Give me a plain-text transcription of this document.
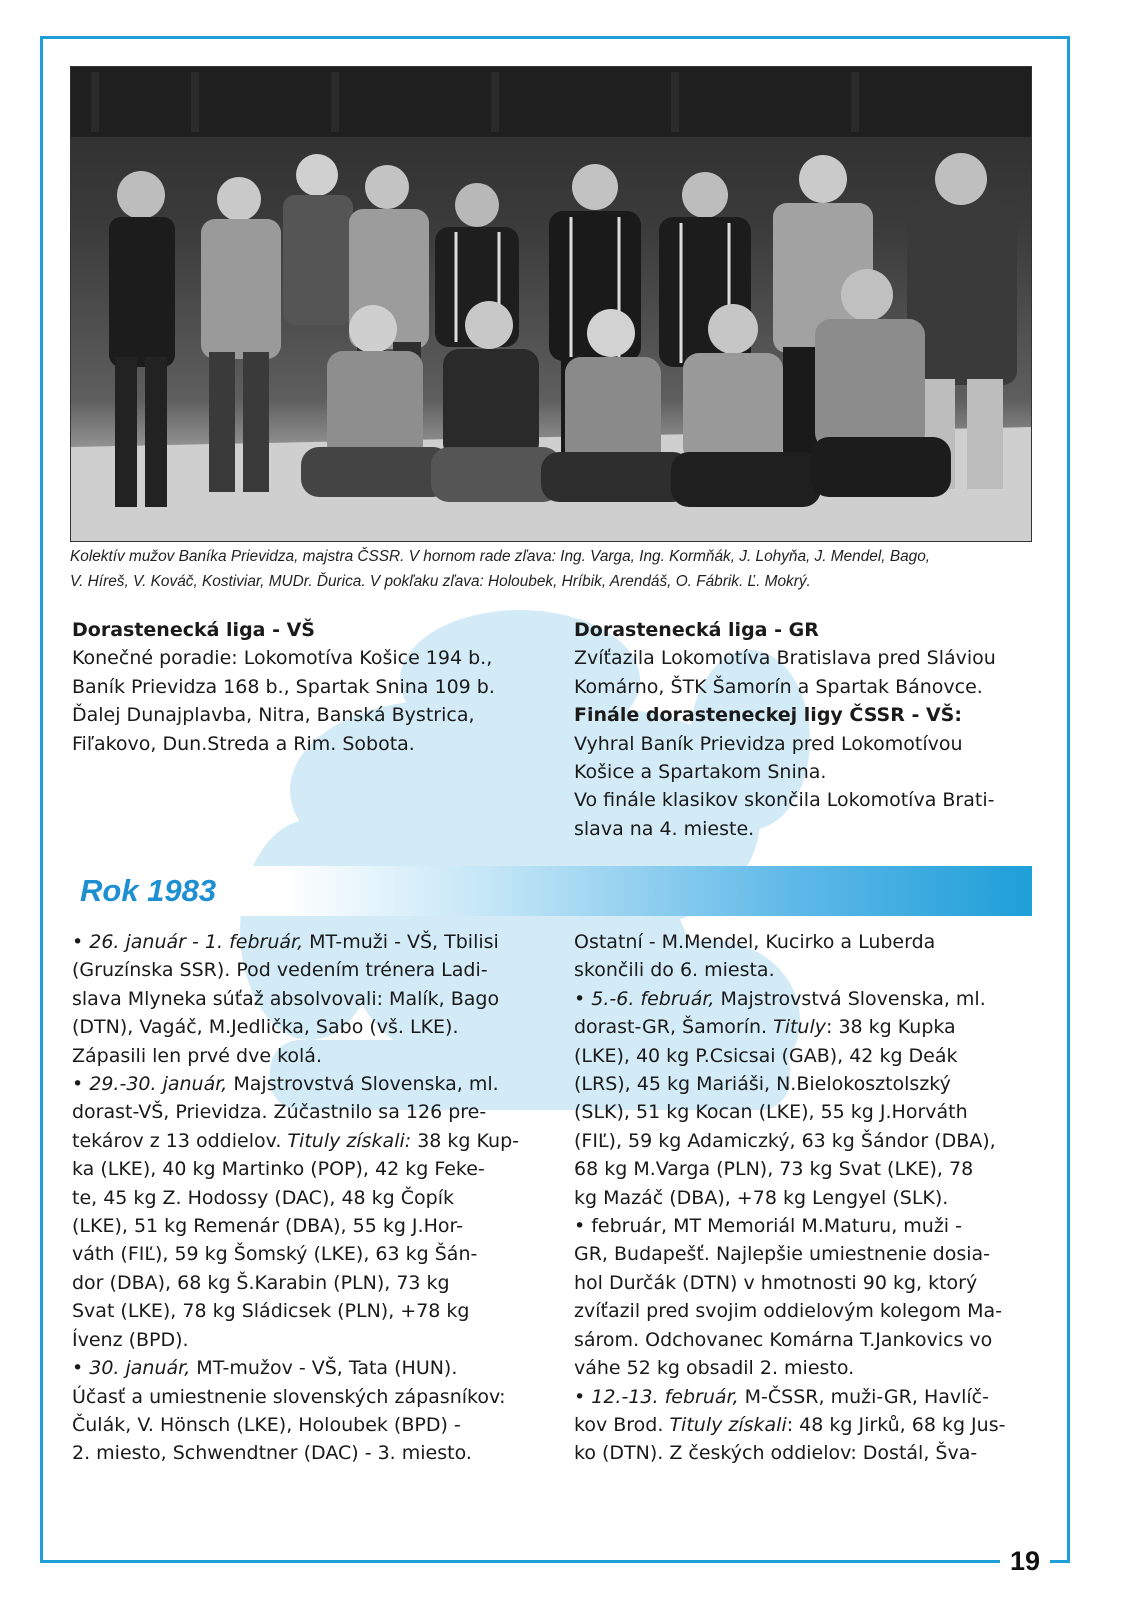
Kolektív mužov Baníka Prievidza, majstra ČSSR. V hornom rade zľava: Ing. Varga, Ing. Kormňák, J. Lohyňa, J. Mendel, Bago,
V. Híreš, V. Kováč, Kostiviar, MUDr. Ďurica. V pokľaku zľava: Holoubek, Hríbik, Arendáš, O. Fábrik. Ľ. Mokrý.

Dorastenecká liga - VŠ

Konečné poradie: Lokomotíva Košice 194 b.,

Baník Prievidza 168 b., Spartak Snina 109 b.

Ďalej Dunajplavba, Nitra, Banská Bystrica,

Fiľakovo, Dun.Streda a Rim. Sobota.

Dorastenecká liga - GR

Zvíťazila Lokomotíva Bratislava pred Sláviou

Komárno, ŠTK Šamorín a Spartak Bánovce.

Finále dorasteneckej ligy ČSSR - VŠ:

Vyhral Baník Prievidza pred Lokomotívou

Košice a Spartakom Snina.

Vo finále klasikov skončila Lokomotíva Brati-

slava na 4. mieste.

Rok 1983

• 26. január - 1. február, MT-muži - VŠ, Tbilisi

(Gruzínska SSR). Pod vedením trénera Ladi-

slava Mlyneka súťaž absolvovali: Malík, Bago

(DTN), Vagáč, M.Jedlička, Sabo (vš. LKE).

Zápasili len prvé dve kolá.

• 29.-30. január, Majstrovstvá Slovenska, ml.

dorast-VŠ, Prievidza. Zúčastnilo sa 126 pre-

tekárov z 13 oddielov. Tituly získali: 38 kg Kup-

ka (LKE), 40 kg Martinko (POP), 42 kg Feke-

te, 45 kg Z. Hodossy (DAC), 48 kg Čopík

(LKE), 51 kg Remenár (DBA), 55 kg J.Hor-

váth (FIĽ), 59 kg Šomský (LKE), 63 kg Šán-

dor (DBA), 68 kg Š.Karabin (PLN), 73 kg

Svat (LKE), 78 kg Sládicsek (PLN), +78 kg

Ívenz (BPD).

• 30. január, MT-mužov - VŠ, Tata (HUN).

Účasť a umiestnenie slovenských zápasníkov:

Čulák, V. Hönsch (LKE), Holoubek (BPD) -

2. miesto, Schwendtner (DAC) - 3. miesto.

Ostatní - M.Mendel, Kucirko a Luberda

skončili do 6. miesta.

• 5.-6. február, Majstrovstvá Slovenska, ml.

dorast-GR, Šamorín. Tituly: 38 kg Kupka

(LKE), 40 kg P.Csicsai (GAB), 42 kg Deák

(LRS), 45 kg Mariáši, N.Bielokosztolszký

(SLK), 51 kg Kocan (LKE), 55 kg J.Horváth

(FIĽ), 59 kg Adamiczký, 63 kg Šándor (DBA),

68 kg M.Varga (PLN), 73 kg Svat (LKE), 78

kg Mazáč (DBA), +78 kg Lengyel (SLK).

• február, MT Memoriál M.Maturu, muži -

GR, Budapešť. Najlepšie umiestnenie dosia-

hol Durčák (DTN) v hmotnosti 90 kg, ktorý

zvíťazil pred svojim oddielovým kolegom Ma-

sárom. Odchovanec Komárna T.Jankovics vo

váhe 52 kg obsadil 2. miesto.

• 12.-13. február, M-ČSSR, muži-GR, Havlíč-

kov Brod. Tituly získali: 48 kg Jirků, 68 kg Jus-

ko (DTN). Z českých oddielov: Dostál, Šva-

19
